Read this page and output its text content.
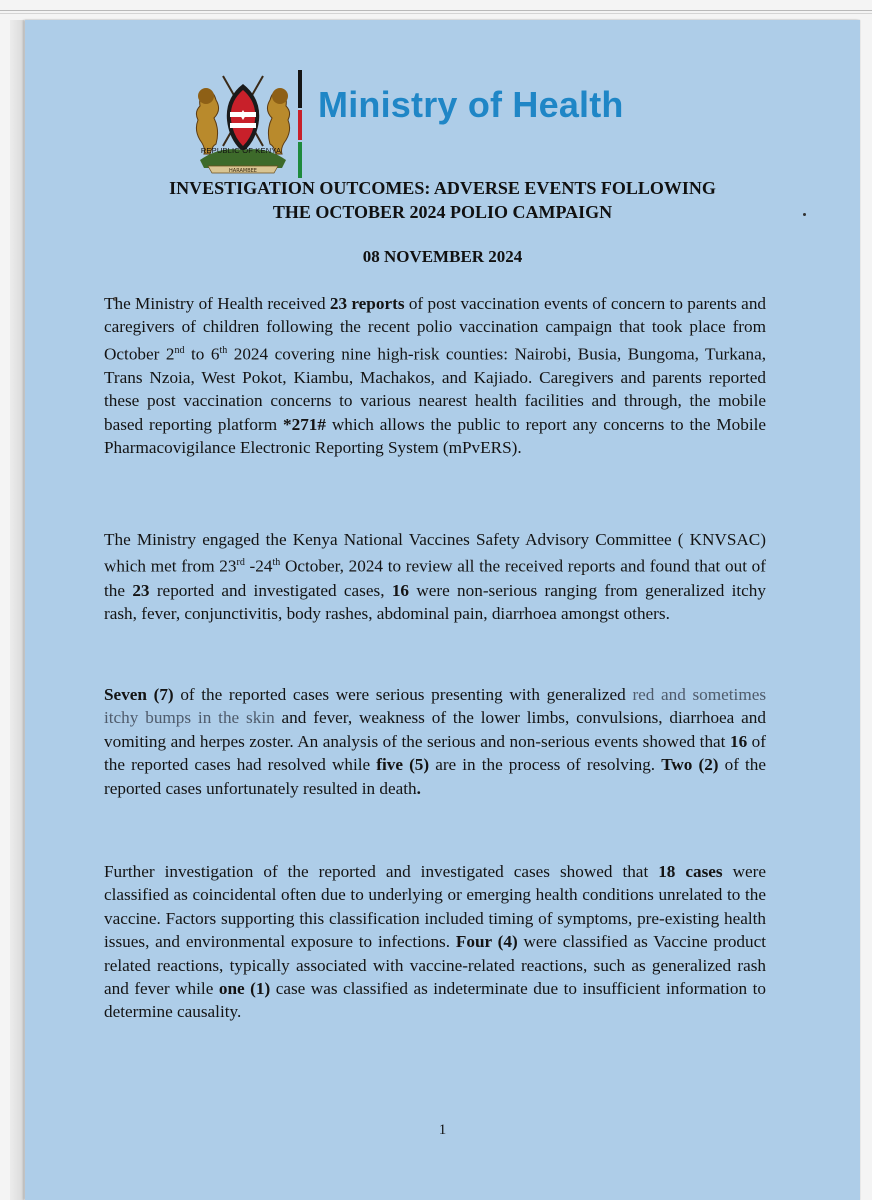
HARAMBEE
REPUBLIC OF KENYA
Ministry of Health
INVESTIGATION OUTCOMES: ADVERSE EVENTS FOLLOWING
THE OCTOBER 2024 POLIO CAMPAIGN
08 NOVEMBER 2024
The Ministry of Health received 23 reports of post vaccination events of concern to parents and caregivers of children following the recent polio vaccination campaign that took place from October 2nd to 6th 2024 covering nine high-risk counties: Nairobi, Busia, Bungoma, Turkana, Trans Nzoia, West Pokot, Kiambu, Machakos, and Kajiado. Caregivers and parents reported these post vaccination concerns to various nearest health facilities and through, the mobile based reporting platform *271# which allows the public to report any concerns to the Mobile Pharmacovigilance Electronic Reporting System (mPvERS).
The Ministry engaged the Kenya National Vaccines Safety Advisory Committee ( KNVSAC) which met from 23rd -24th October, 2024 to review all the received reports and found that out of the 23 reported and investigated cases, 16 were non-serious ranging from generalized itchy rash, fever, conjunctivitis, body rashes, abdominal pain, diarrhoea amongst others.
Seven (7) of the reported cases were serious presenting with generalized red and sometimes itchy bumps in the skin and fever, weakness of the lower limbs, convulsions, diarrhoea and vomiting and herpes zoster. An analysis of the serious and non-serious events showed that 16 of the reported cases had resolved while five (5) are in the process of resolving. Two (2) of the reported cases unfortunately resulted in death.
Further investigation of the reported and investigated cases showed that 18 cases were classified as coincidental often due to underlying or emerging health conditions unrelated to the vaccine. Factors supporting this classification included timing of symptoms, pre-existing health issues, and environmental exposure to infections. Four (4) were classified as Vaccine product related reactions, typically associated with vaccine-related reactions, such as generalized rash and fever while one (1) case was classified as indeterminate due to insufficient information to determine causality.
1
